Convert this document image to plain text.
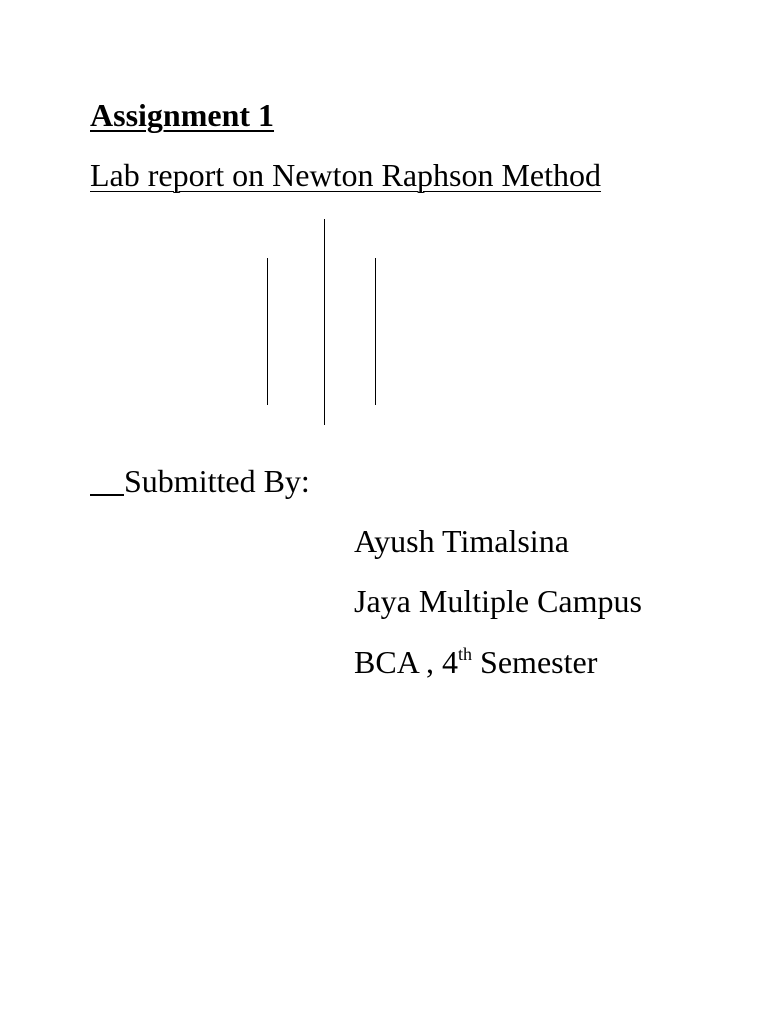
Assignment 1
Lab report on Newton Raphson Method
Submitted By:
Ayush Timalsina
Jaya Multiple Campus
BCA , 4th Semester
